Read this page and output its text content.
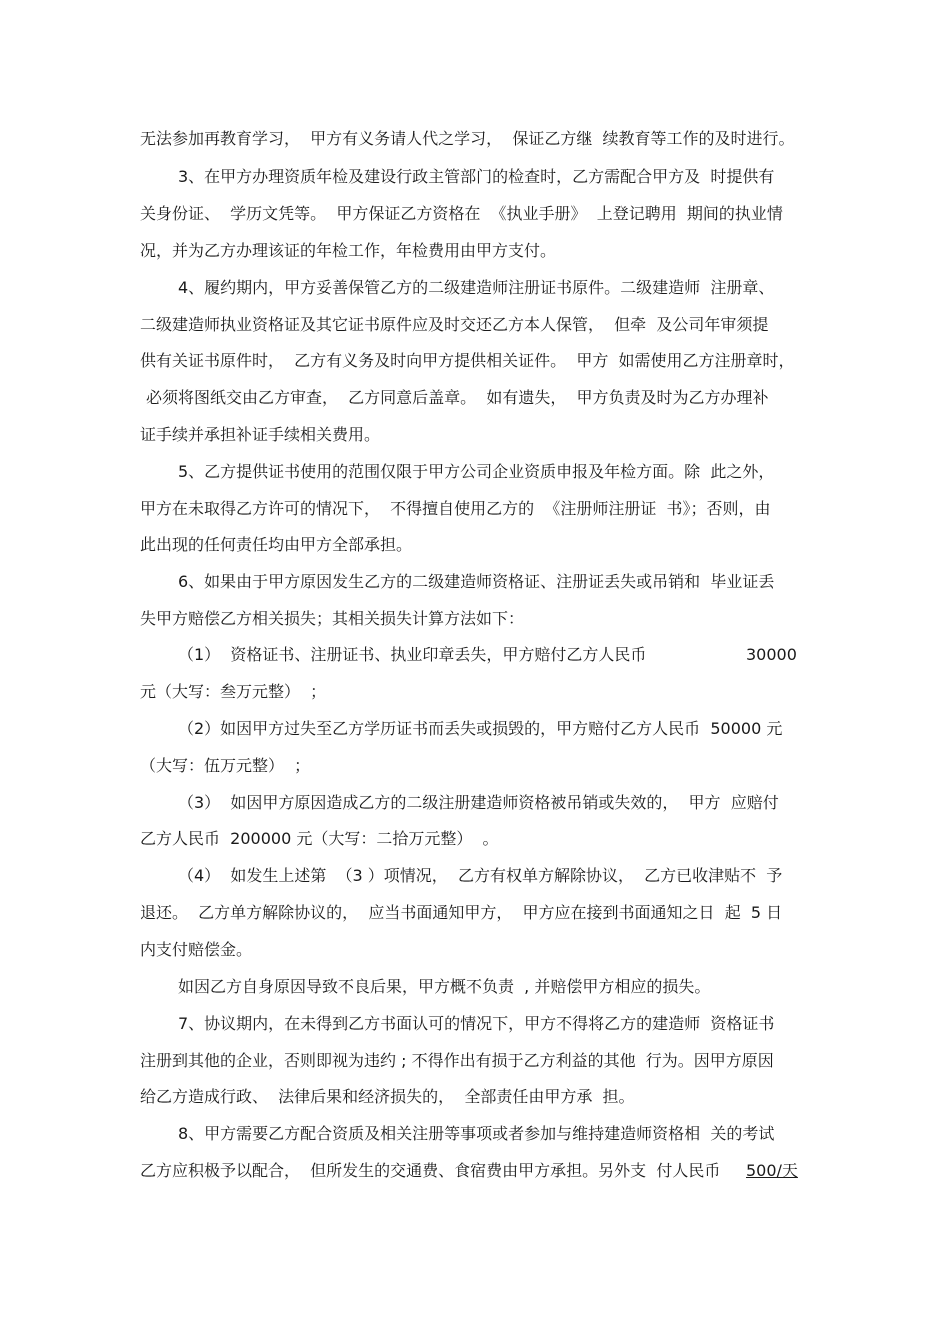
无法参加再教育学习，  甲方有义务请人代之学习，  保证乙方继  续教育等工作的及时进行。
3、在甲方办理资质年检及建设行政主管部门的检查时，乙方需配合甲方及  时提供有
关身份证、  学历文凭等。  甲方保证乙方资格在  《执业手册》  上登记聘用  期间的执业情
况，并为乙方办理该证的年检工作，年检费用由甲方支付。
4、履约期内，甲方妥善保管乙方的二级建造师注册证书原件。二级建造师  注册章、
二级建造师执业资格证及其它证书原件应及时交还乙方本人保管，  但牵  及公司年审须提
供有关证书原件时，  乙方有义务及时向甲方提供相关证件。  甲方  如需使用乙方注册章时，
必须将图纸交由乙方审查，  乙方同意后盖章。  如有遗失，  甲方负责及时为乙方办理补
证手续并承担补证手续相关费用。
5、乙方提供证书使用的范围仅限于甲方公司企业资质申报及年检方面。除  此之外，
甲方在未取得乙方许可的情况下，  不得擅自使用乙方的  《注册师注册证  书》；否则，由
此出现的任何责任均由甲方全部承担。
6、如果由于甲方原因发生乙方的二级建造师资格证、注册证丢失或吊销和  毕业证丢
失甲方赔偿乙方相关损失；其相关损失计算方法如下：
（1）  资格证书、注册证书、执业印章丢失，甲方赔付乙方人民币	30000
元（大写：叁万元整）  ；
（2）如因甲方过失至乙方学历证书而丢失或损毁的，甲方赔付乙方人民币  50000 元
（大写：伍万元整）  ；
（3）  如因甲方原因造成乙方的二级注册建造师资格被吊销或失效的，  甲方  应赔付
乙方人民币  200000 元（大写：二拾万元整）  。
（4）  如发生上述第  （3 ）项情况，  乙方有权单方解除协议，  乙方已收津贴不  予
退还。  乙方单方解除协议的，  应当书面通知甲方，  甲方应在接到书面通知之日  起  5 日
内支付赔偿金。
如因乙方自身原因导致不良后果，甲方概不负责  , 并赔偿甲方相应的损失。
7、协议期内，在未得到乙方书面认可的情况下，甲方不得将乙方的建造师  资格证书
注册到其他的企业，否则即视为违约 ; 不得作出有损于乙方利益的其他  行为。因甲方原因
给乙方造成行政、  法律后果和经济损失的，  全部责任由甲方承  担。
8、甲方需要乙方配合资质及相关注册等事项或者参加与维持建造师资格相  关的考试
乙方应积极予以配合，  但所发生的交通费、食宿费由甲方承担。另外支  付人民币 500/天
